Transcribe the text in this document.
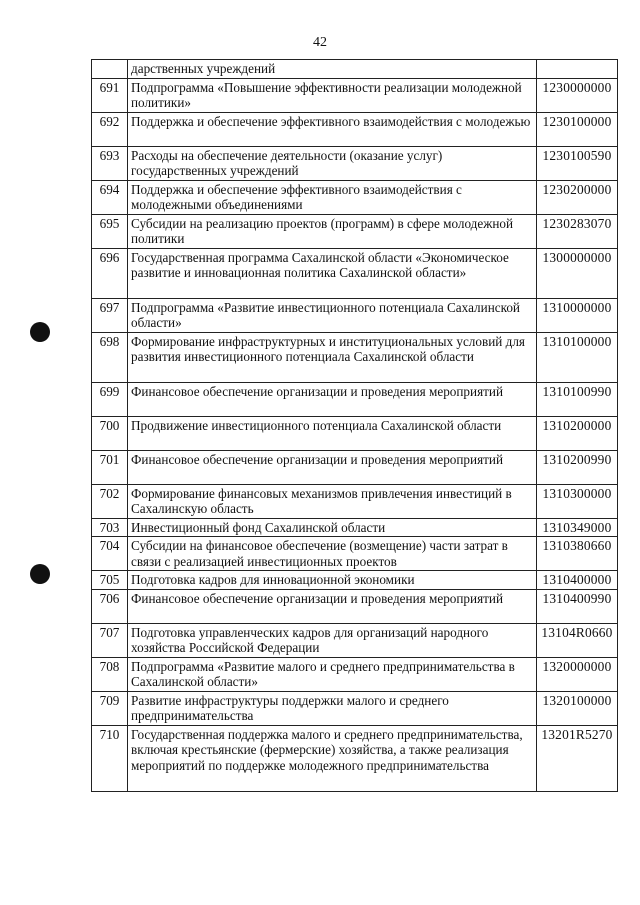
42
	дарственных учреждений	
691	Подпрограмма «Повышение эффективности реализации молодежной политики»	1230000000
692	Поддержка и обеспечение эффективного взаимодействия с молодежью	1230100000
693	Расходы на обеспечение деятельности (оказание услуг) государственных учреждений	1230100590
694	Поддержка и обеспечение эффективного взаимодействия с молодежными объединениями	1230200000
695	Субсидии на реализацию проектов (программ) в сфере молодежной политики	1230283070
696	Государственная программа Сахалинской области «Экономическое развитие и инновационная политика Сахалинской области»	1300000000
697	Подпрограмма «Развитие инвестиционного потенциала Сахалинской области»	1310000000
698	Формирование инфраструктурных и институциональных условий для развития инвестиционного потенциала Сахалинской области	1310100000
699	Финансовое обеспечение организации и проведения мероприятий	1310100990
700	Продвижение инвестиционного потенциала Сахалинской области	1310200000
701	Финансовое обеспечение организации и проведения мероприятий	1310200990
702	Формирование финансовых механизмов привлечения инвестиций в Сахалинскую область	1310300000
703	Инвестиционный фонд Сахалинской области	1310349000
704	Субсидии на финансовое обеспечение (возмещение) части затрат в связи с реализацией инвестиционных проектов	1310380660
705	Подготовка кадров для инновационной экономики	1310400000
706	Финансовое обеспечение организации и проведения мероприятий	1310400990
707	Подготовка управленческих кадров для организаций народного хозяйства Российской Федерации	13104R0660
708	Подпрограмма «Развитие малого и среднего предпринимательства в Сахалинской области»	1320000000
709	Развитие инфраструктуры поддержки малого и среднего предпринимательства	1320100000
710	Государственная поддержка малого и среднего предпринимательства, включая крестьянские (фермерские) хозяйства, а также реализация мероприятий по поддержке молодежного предпринимательства	13201R5270
